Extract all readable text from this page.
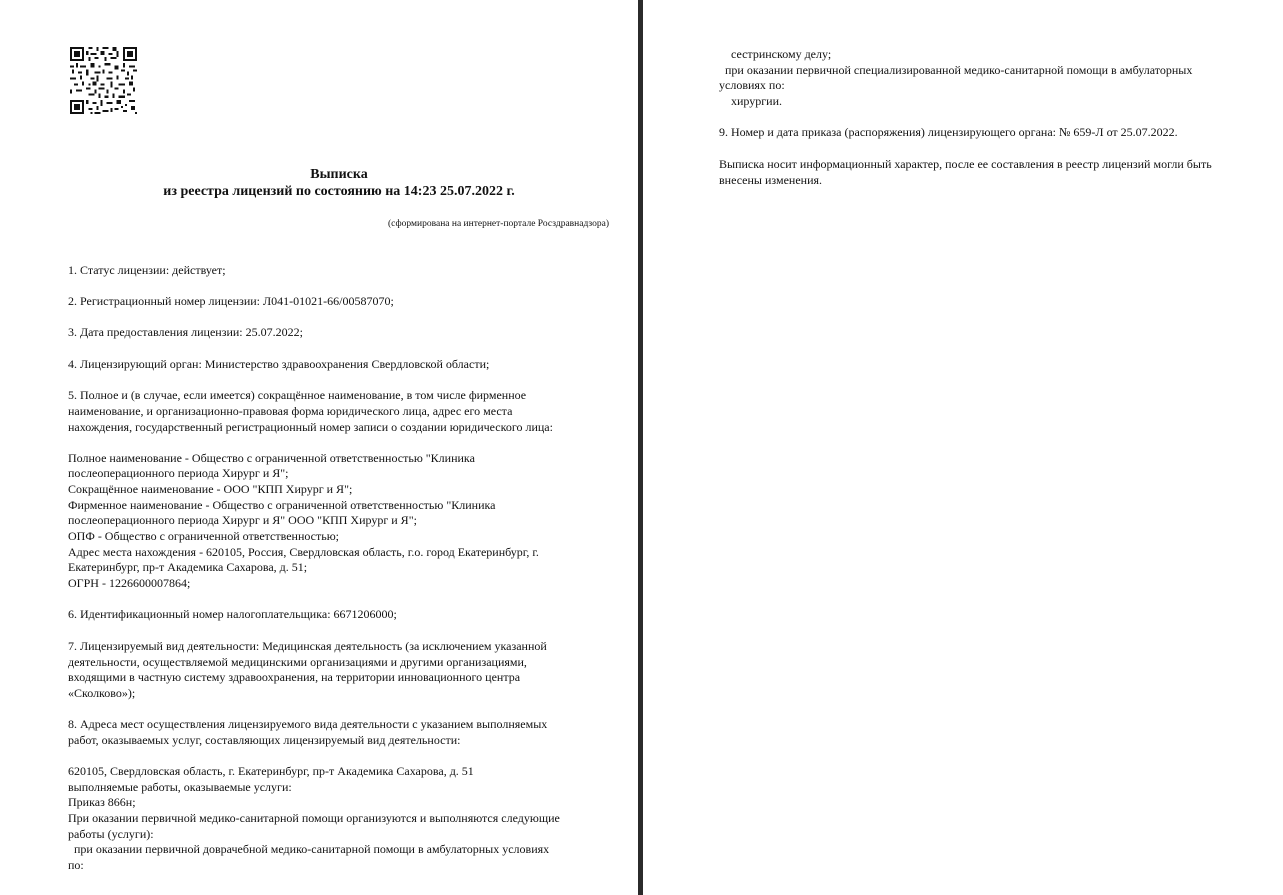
Выписка
из реестра лицензий по состоянию на 14:23 25.07.2022 г.
(сформирована на интернет-портале Росздравнадзора)
1. Статус лицензии: действует;
2. Регистрационный номер лицензии: Л041-01021-66/00587070;
3. Дата предоставления лицензии: 25.07.2022;
4. Лицензирующий орган: Министерство здравоохранения Свердловской области;
5. Полное и (в случае, если имеется) сокращённое наименование, в том числе фирменное
наименование, и организационно-правовая форма юридического лица, адрес его места
нахождения, государственный регистрационный номер записи о создании юридического лица:
Полное наименование - Общество с ограниченной ответственностью "Клиника
послеоперационного периода Хирург и Я";
Сокращённое наименование - ООО "КПП Хирург и Я";
Фирменное наименование - Общество с ограниченной ответственностью "Клиника
послеоперационного периода Хирург и Я" ООО "КПП Хирург и Я";
ОПФ - Общество с ограниченной ответственностью;
Адрес места нахождения - 620105, Россия, Свердловская область, г.о. город Екатеринбург, г.
Екатеринбург, пр-т Академика Сахарова, д. 51;
ОГРН - 1226600007864;
6. Идентификационный номер налогоплательщика: 6671206000;
7. Лицензируемый вид деятельности: Медицинская деятельность (за исключением указанной
деятельности, осуществляемой медицинскими организациями и другими организациями,
входящими в частную систему здравоохранения, на территории инновационного центра
«Сколково»);
8. Адреса мест осуществления лицензируемого вида деятельности с указанием выполняемых
работ, оказываемых услуг, составляющих лицензируемый вид деятельности:
620105, Свердловская область, г. Екатеринбург, пр-т Академика Сахарова, д. 51
выполняемые работы, оказываемые услуги:
Приказ 866н;
При оказании первичной медико-санитарной помощи организуются и выполняются следующие
работы (услуги):
при оказании первичной доврачебной медико-санитарной помощи в амбулаторных условиях
по:
сестринскому делу;
при оказании первичной специализированной медико-санитарной помощи в амбулаторных
условиях по:
хирургии.
9. Номер и дата приказа (распоряжения) лицензирующего органа: № 659-Л от 25.07.2022.
Выписка носит информационный характер, после ее составления в реестр лицензий могли быть
внесены изменения.
